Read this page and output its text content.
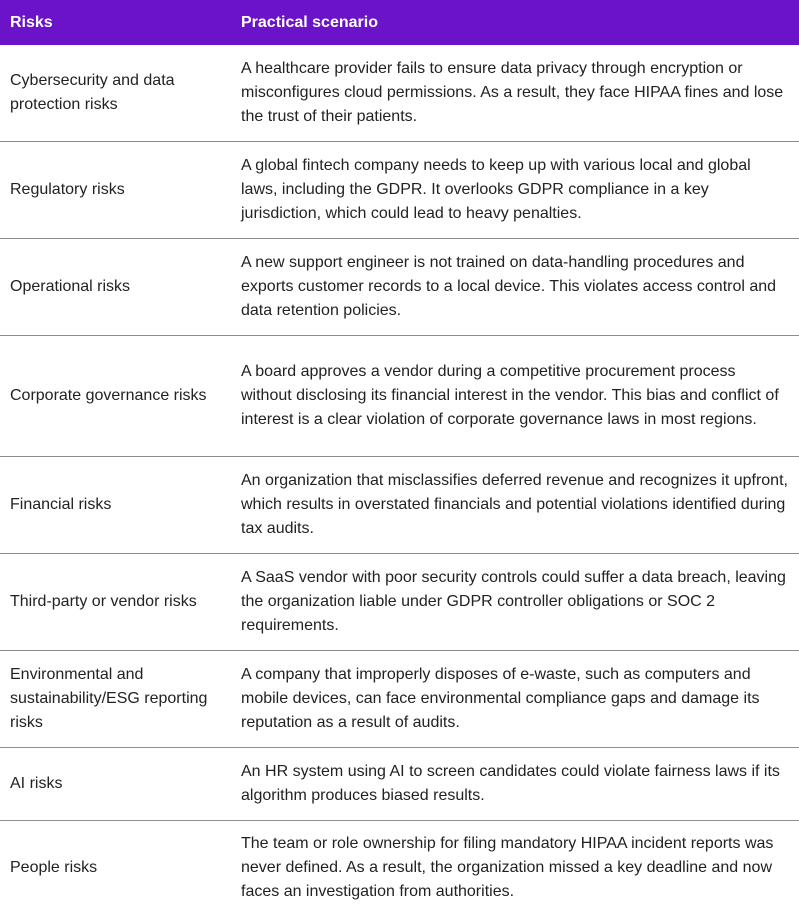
Risks	Practical scenario
Cybersecurity and data protection risks	A healthcare provider fails to ensure data privacy through encryption or misconfigures cloud permissions. As a result, they face HIPAA fines and lose the trust of their patients.
Regulatory risks	A global fintech company needs to keep up with various local and global laws, including the GDPR. It overlooks GDPR compliance in a key jurisdiction, which could lead to heavy penalties.
Operational risks	A new support engineer is not trained on data-handling procedures and exports customer records to a local device. This violates access control and data retention policies.
Corporate governance risks	A board approves a vendor during a competitive procurement process without disclosing its financial interest in the vendor. This bias and conflict of interest is a clear violation of corporate governance laws in most regions.
Financial risks	An organization that misclassifies deferred revenue and recognizes it upfront, which results in overstated financials and potential violations identified during tax audits.
Third-party or vendor risks	A SaaS vendor with poor security controls could suffer a data breach, leaving the organization liable under GDPR controller obligations or SOC 2 requirements.
Environmental and sustainability/ESG reporting risks	A company that improperly disposes of e-waste, such as computers and mobile devices, can face environmental compliance gaps and damage its reputation as a result of audits.
AI risks	An HR system using AI to screen candidates could violate fairness laws if its algorithm produces biased results.
People risks	The team or role ownership for filing mandatory HIPAA incident reports was never defined. As a result, the organization missed a key deadline and now faces an investigation from authorities.
